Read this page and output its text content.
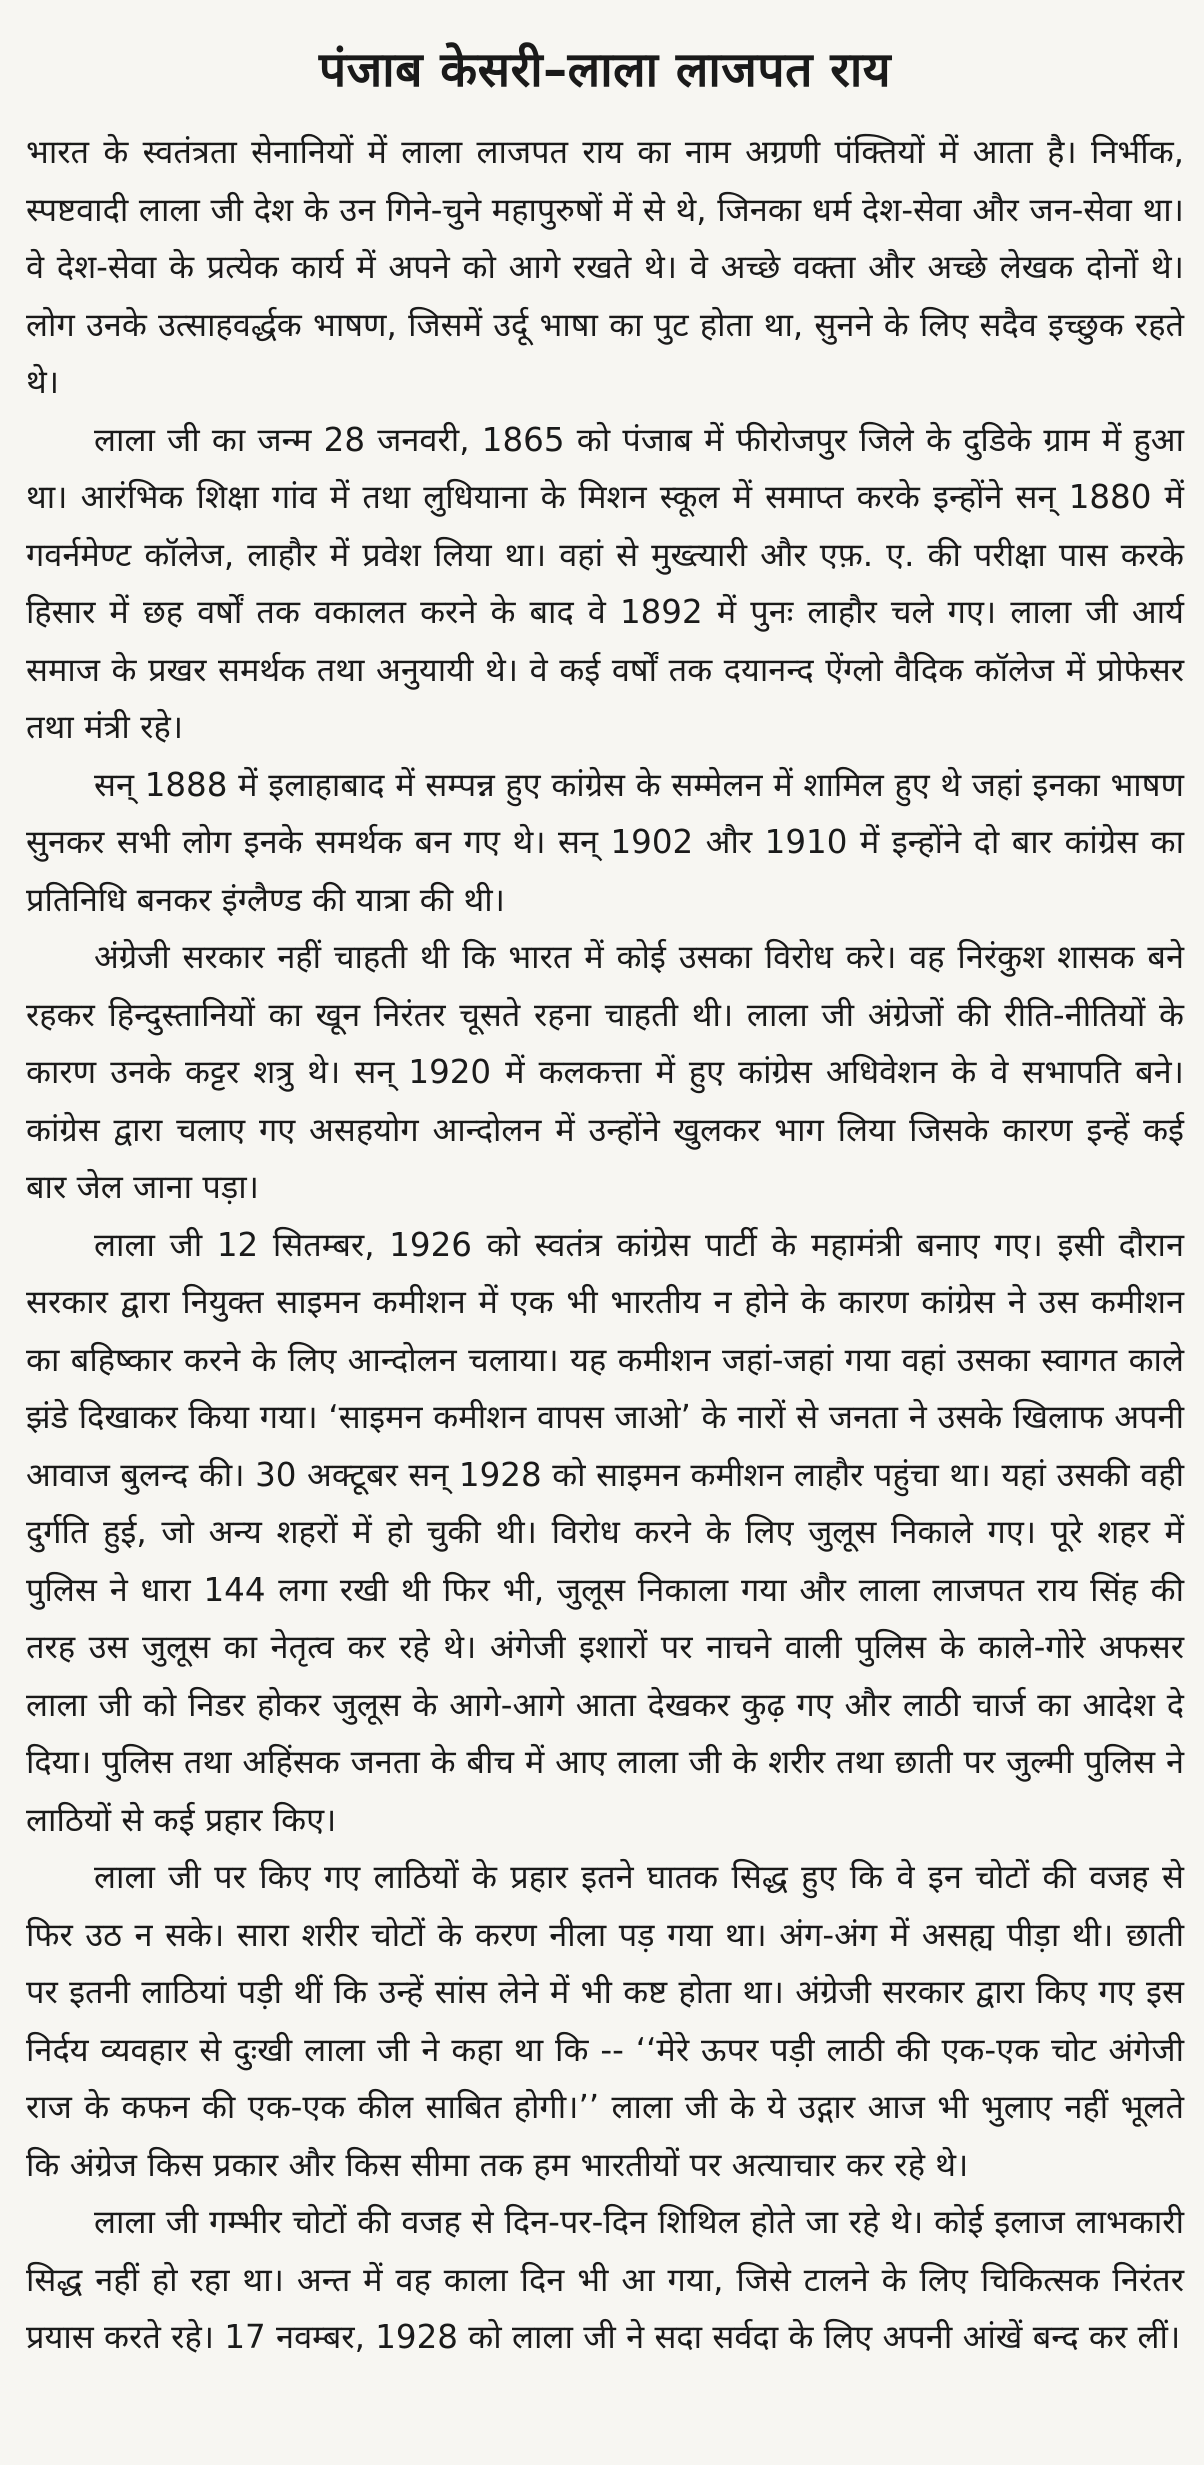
पंजाब केसरी–लाला लाजपत राय

भारत के स्वतंत्रता सेनानियों में लाला लाजपत राय का नाम अग्रणी पंक्तियों में आता है। निर्भीक, स्पष्टवादी लाला जी देश के उन गिने-चुने महापुरुषों में से थे, जिनका धर्म देश-सेवा और जन-सेवा था। वे देश-सेवा के प्रत्येक कार्य में अपने को आगे रखते थे। वे अच्छे वक्ता और अच्छे लेखक दोनों थे। लोग उनके उत्साहवर्द्धक भाषण, जिसमें उर्दू भाषा का पुट होता था, सुनने के लिए सदैव इच्छुक रहते थे।

लाला जी का जन्म 28 जनवरी, 1865 को पंजाब में फीरोजपुर जिले के दुडिके ग्राम में हुआ था। आरंभिक शिक्षा गांव में तथा लुधियाना के मिशन स्कूल में समाप्त करके इन्होंने सन् 1880 में गवर्नमेण्ट कॉलेज, लाहौर में प्रवेश लिया था। वहां से मुख्त्यारी और एफ़. ए. की परीक्षा पास करके हिसार में छह वर्षों तक वकालत करने के बाद वे 1892 में पुनः लाहौर चले गए। लाला जी आर्य समाज के प्रखर समर्थक तथा अनुयायी थे। वे कई वर्षों तक दयानन्द ऐंग्लो वैदिक कॉलेज में प्रोफेसर तथा मंत्री रहे।

सन् 1888 में इलाहाबाद में सम्पन्न हुए कांग्रेस के सम्मेलन में शामिल हुए थे जहां इनका भाषण सुनकर सभी लोग इनके समर्थक बन गए थे। सन् 1902 और 1910 में इन्होंने दो बार कांग्रेस का प्रतिनिधि बनकर इंग्लैण्ड की यात्रा की थी।

अंग्रेजी सरकार नहीं चाहती थी कि भारत में कोई उसका विरोध करे। वह निरंकुश शासक बने रहकर हिन्दुस्तानियों का खून निरंतर चूसते रहना चाहती थी। लाला जी अंग्रेजों की रीति-नीतियों के कारण उनके कट्टर शत्रु थे। सन् 1920 में कलकत्ता में हुए कांग्रेस अधिवेशन के वे सभापति बने। कांग्रेस द्वारा चलाए गए असहयोग आन्दोलन में उन्होंने खुलकर भाग लिया जिसके कारण इन्हें कई बार जेल जाना पड़ा।

लाला जी 12 सितम्बर, 1926 को स्वतंत्र कांग्रेस पार्टी के महामंत्री बनाए गए। इसी दौरान सरकार द्वारा नियुक्त साइमन कमीशन में एक भी भारतीय न होने के कारण कांग्रेस ने उस कमीशन का बहिष्कार करने के लिए आन्दोलन चलाया। यह कमीशन जहां-जहां गया वहां उसका स्वागत काले झंडे दिखाकर किया गया। ‘साइमन कमीशन वापस जाओ’ के नारों से जनता ने उसके खिलाफ अपनी आवाज बुलन्द की। 30 अक्टूबर सन् 1928 को साइमन कमीशन लाहौर पहुंचा था। यहां उसकी वही दुर्गति हुई, जो अन्य शहरों में हो चुकी थी। विरोध करने के लिए जुलूस निकाले गए। पूरे शहर में पुलिस ने धारा 144 लगा रखी थी फिर भी, जुलूस निकाला गया और लाला लाजपत राय सिंह की तरह उस जुलूस का नेतृत्व कर रहे थे। अंगेजी इशारों पर नाचने वाली पुलिस के काले-गोरे अफसर लाला जी को निडर होकर जुलूस के आगे-आगे आता देखकर कुढ़ गए और लाठी चार्ज का आदेश दे दिया। पुलिस तथा अहिंसक जनता के बीच में आए लाला जी के शरीर तथा छाती पर जुल्मी पुलिस ने लाठियों से कई प्रहार किए।

लाला जी पर किए गए लाठियों के प्रहार इतने घातक सिद्ध हुए कि वे इन चोटों की वजह से फिर उठ न सके। सारा शरीर चोटों के करण नीला पड़ गया था। अंग-अंग में असह्य पीड़ा थी। छाती पर इतनी लाठियां पड़ी थीं कि उन्हें सांस लेने में भी कष्ट होता था। अंग्रेजी सरकार द्वारा किए गए इस निर्दय व्यवहार से दुःखी लाला जी ने कहा था कि -- ‘‘मेरे ऊपर पड़ी लाठी की एक-एक चोट अंगेजी राज के कफन की एक-एक कील साबित होगी।’’ लाला जी के ये उद्गार आज भी भुलाए नहीं भूलते कि अंग्रेज किस प्रकार और किस सीमा तक हम भारतीयों पर अत्याचार कर रहे थे।

लाला जी गम्भीर चोटों की वजह से दिन-पर-दिन शिथिल होते जा रहे थे। कोई इलाज लाभकारी सिद्ध नहीं हो रहा था। अन्त में वह काला दिन भी आ गया, जिसे टालने के लिए चिकित्सक निरंतर प्रयास करते रहे। 17 नवम्बर, 1928 को लाला जी ने सदा सर्वदा के लिए अपनी आंखें बन्द कर लीं।
